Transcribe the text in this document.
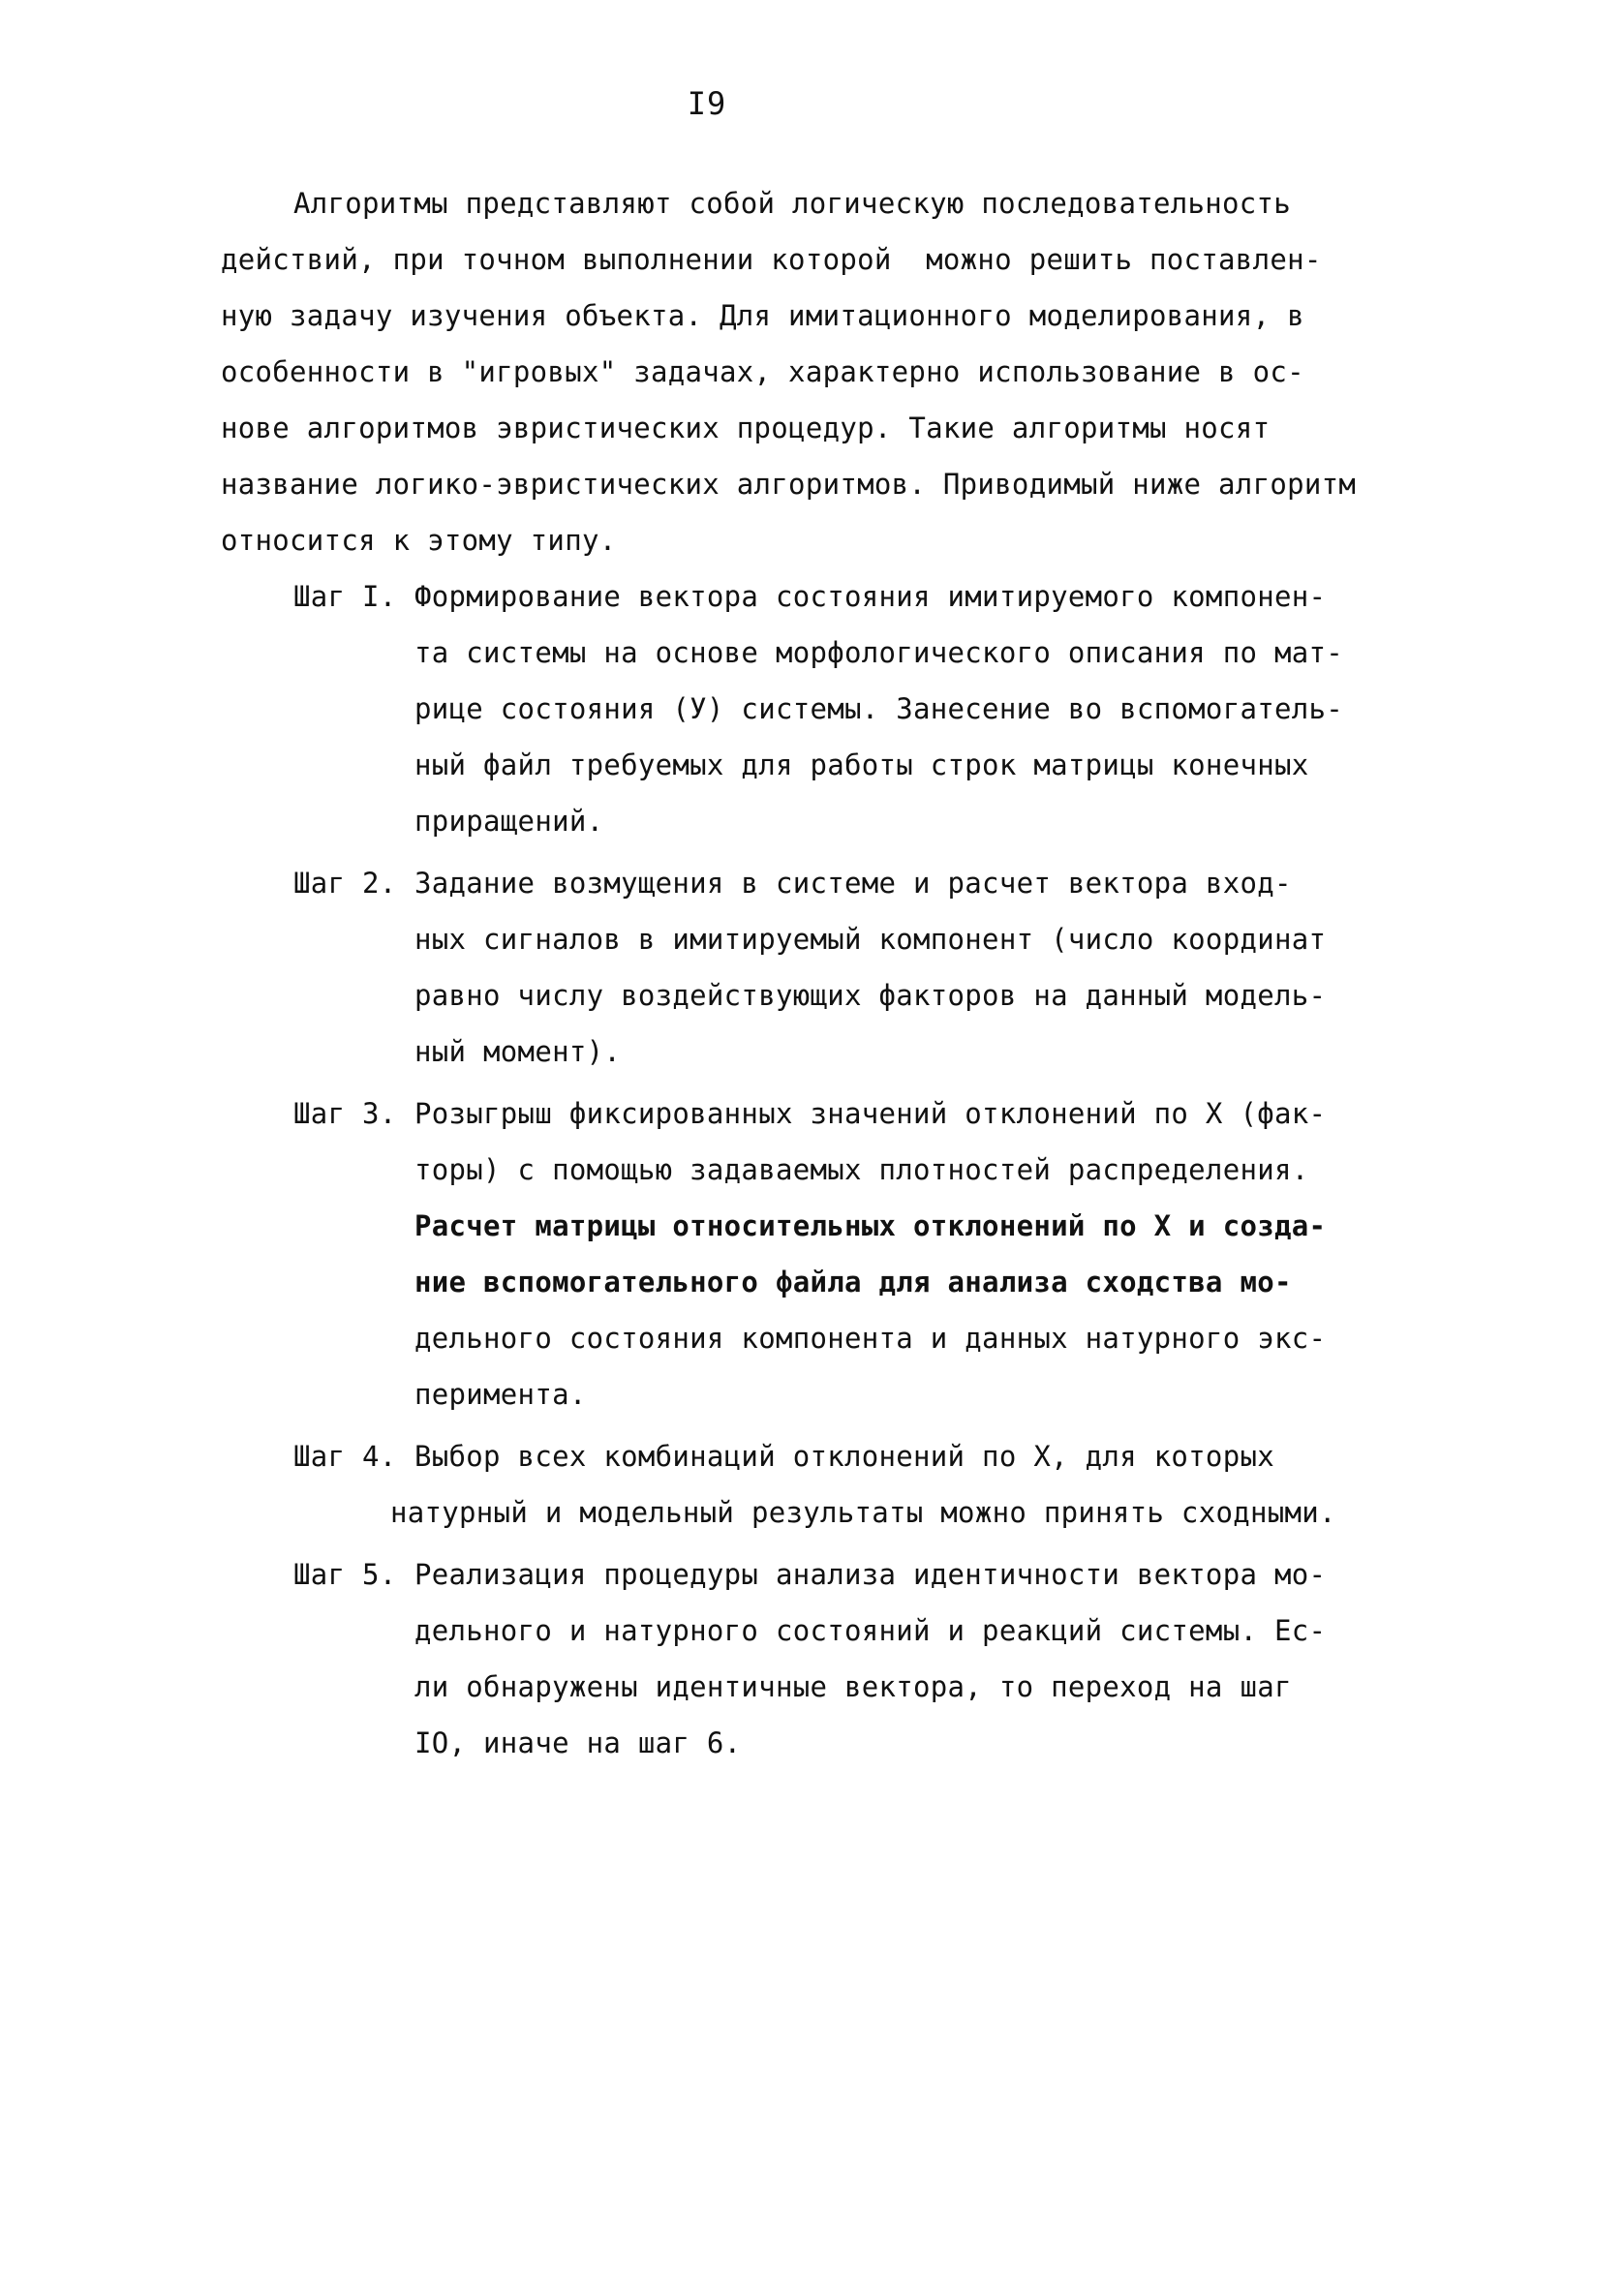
I9
Алгоритмы представляют собой логическую последовательность
действий, при точном выполнении которой  можно решить поставлен-
ную задачу изучения объекта. Для имитационного моделирования, в
особенности в "игровых" задачах, характерно использование в ос-
нове алгоритмов эвристических процедур. Такие алгоритмы носят
название логико-эвристических алгоритмов. Приводимый ниже алгоритм
относится к этому типу.
Шаг I. Формирование вектора состояния имитируемого компонен-
та системы на основе морфологического описания по мат-
рице состояния (У) системы. Занесение во вспомогатель-
ный файл требуемых для работы строк матрицы конечных
приращений.
Шаг 2. Задание возмущения в системе и расчет вектора вход-
ных сигналов в имитируемый компонент (число координат
равно числу воздействующих факторов на данный модель-
ный момент).
Шаг 3. Розыгрыш фиксированных значений отклонений по X (фак-
торы) с помощью задаваемых плотностей распределения.
Расчет матрицы относительных отклонений по X и созда-
ние вспомогательного файла для анализа сходства мо-
дельного состояния компонента и данных натурного экс-
перимента.
Шаг 4. Выбор всех комбинаций отклонений по X, для которых
натурный и модельный результаты можно принять сходными.
Шаг 5. Реализация процедуры анализа идентичности вектора мо-
дельного и натурного состояний и реакций системы. Ес-
ли обнаружены идентичные вектора, то переход на шаг
IO, иначе на шаг 6.
